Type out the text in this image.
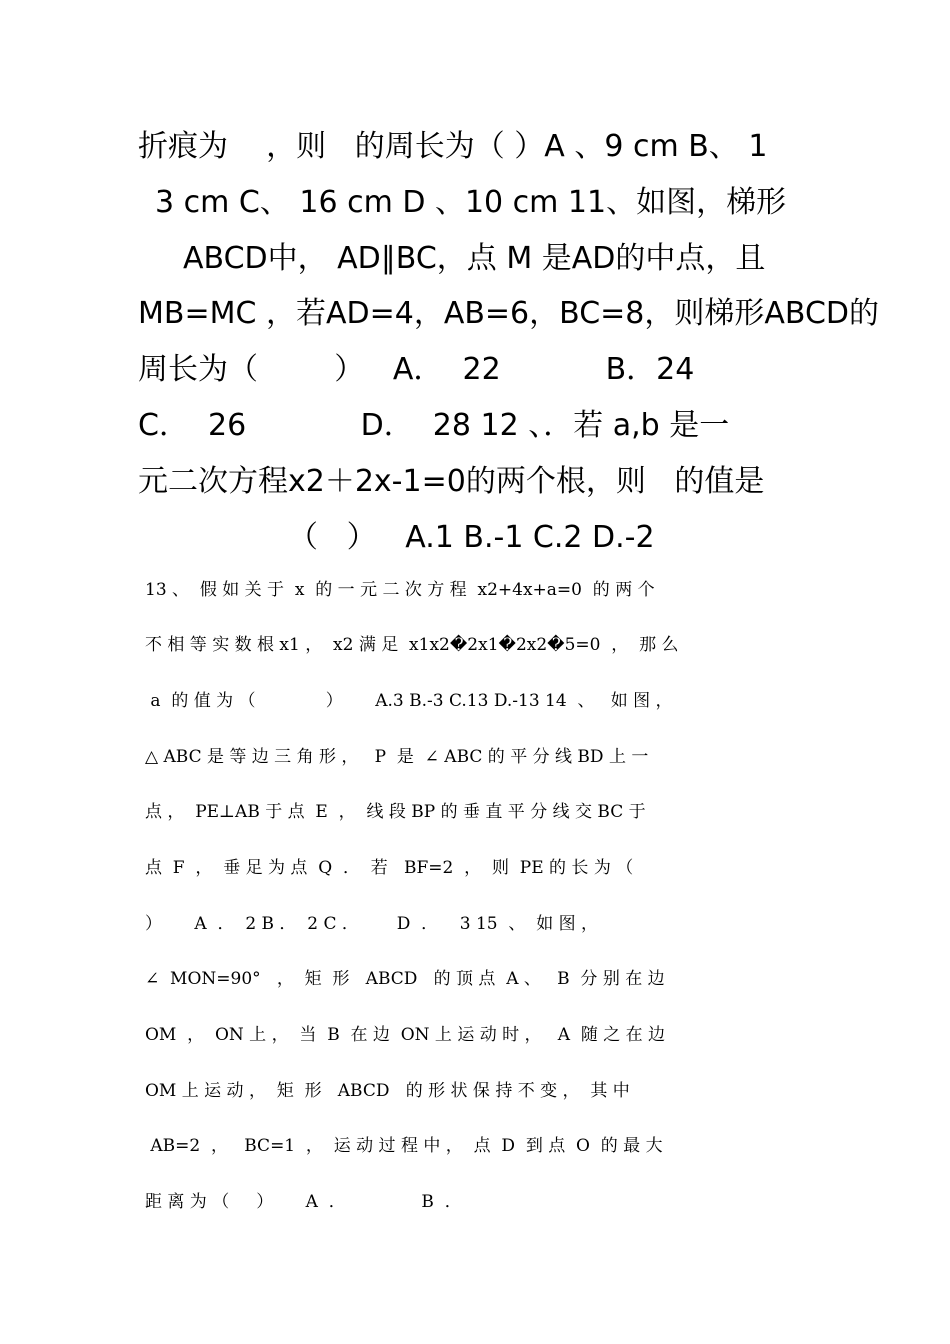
折痕为    ，则   的周长为（ ）A 、9 cm B、 1
3 cm C、 16 cm D 、10 cm 11、如图，梯形
ABCD中， AD∥BC，点 M 是AD的中点，且
MB=MC ，若AD=4，AB=6，BC=8，则梯形ABCD的
周长为（        ）   A．  22           B．24
C．  26            D．  28 12 、．若 a,b 是一
元二次方程x2＋2x-1=0的两个根，则   的值是
（   ）   A.1 B.-1 C.2 D.-2
13 、  假 如 关 于  x  的 一 元 二 次 方 程  x2+4x+a=0  的 两 个
不 相 等 实 数 根 x1 ，  x2 满 足  x1x2�2x1�2x2�5=0  ，  那 么
a  的 值 为 （             ）      A.3 B.-3 C.13 D.-13 14  、   如 图 ，
△ ABC 是 等 边 三 角 形 ，   P  是  ∠ ABC 的 平 分 线 BD 上 一
点 ，  PE⊥AB 于 点  E  ，  线 段 BP 的 垂 直 平 分 线 交 BC 于
点  F  ，  垂 足 为 点  Q  ．  若   BF=2  ，  则  PE 的 长 为 （
）      A  ．  2 B ．  2 C ．       D  ．    3 15  、  如 图 ，
∠  MON=90°   ，  矩  形   ABCD   的 顶 点  A 、   B  分 别 在 边
OM  ，  ON 上 ，  当  B  在 边  ON 上 运 动 时 ，   A  随 之 在 边
OM 上 运 动 ，  矩  形   ABCD   的 形 状 保 持 不 变 ，  其 中
AB=2  ，   BC=1  ，  运 动 过 程 中 ，  点  D  到 点  O  的 最 大
距 离 为 （     ）      A  ．              B  ．
